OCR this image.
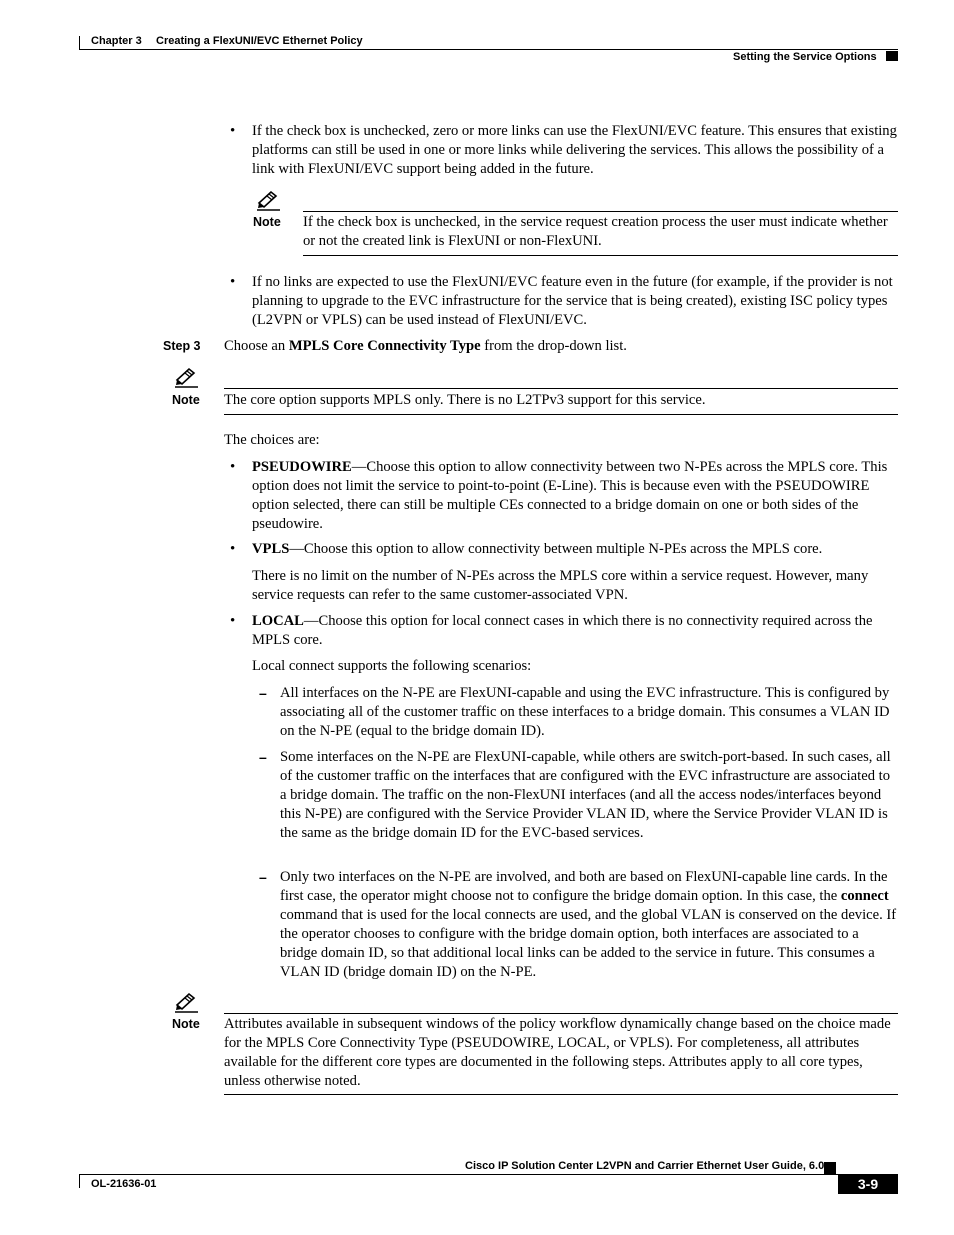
Chapter 3 Creating a FlexUNI/EVC Ethernet Policy
Setting the Service Options
• If the check box is unchecked, zero or more links can use the FlexUNI/EVC feature. This ensures that existing platforms can still be used in one or more links while delivering the services. This allows the possibility of a link with FlexUNI/EVC support being added in the future.

Note If the check box is unchecked, in the service request creation process the user must indicate whether or not the created link is FlexUNI or non-FlexUNI.

• If no links are expected to use the FlexUNI/EVC feature even in the future (for example, if the provider is not planning to upgrade to the EVC infrastructure for the service that is being created), existing ISC policy types (L2VPN or VPLS) can be used instead of FlexUNI/EVC.

Step 3 Choose an MPLS Core Connectivity Type from the drop-down list.

Note The core option supports MPLS only. There is no L2TPv3 support for this service.

The choices are:

• PSEUDOWIRE—Choose this option to allow connectivity between two N-PEs across the MPLS core. This option does not limit the service to point-to-point (E-Line). This is because even with the PSEUDOWIRE option selected, there can still be multiple CEs connected to a bridge domain on one or both sides of the pseudowire.

• VPLS—Choose this option to allow connectivity between multiple N-PEs across the MPLS core.

There is no limit on the number of N-PEs across the MPLS core within a service request. However, many service requests can refer to the same customer-associated VPN.

• LOCAL—Choose this option for local connect cases in which there is no connectivity required across the MPLS core.

Local connect supports the following scenarios:

– All interfaces on the N-PE are FlexUNI-capable and using the EVC infrastructure. This is configured by associating all of the customer traffic on these interfaces to a bridge domain. This consumes a VLAN ID on the N-PE (equal to the bridge domain ID).

– Some interfaces on the N-PE are FlexUNI-capable, while others are switch-port-based. In such cases, all of the customer traffic on the interfaces that are configured with the EVC infrastructure are associated to a bridge domain. The traffic on the non-FlexUNI interfaces (and all the access nodes/interfaces beyond this N-PE) are configured with the Service Provider VLAN ID, where the Service Provider VLAN ID is the same as the bridge domain ID for the EVC-based services.

– Only two interfaces on the N-PE are involved, and both are based on FlexUNI-capable line cards. In the first case, the operator might choose not to configure the bridge domain option. In this case, the connect command that is used for the local connects are used, and the global VLAN is conserved on the device. If the operator chooses to configure with the bridge domain option, both interfaces are associated to a bridge domain ID, so that additional local links can be added to the service in future. This consumes a VLAN ID (bridge domain ID) on the N-PE.

Note Attributes available in subsequent windows of the policy workflow dynamically change based on the choice made for the MPLS Core Connectivity Type (PSEUDOWIRE, LOCAL, or VPLS). For completeness, all attributes available for the different core types are documented in the following steps. Attributes apply to all core types, unless otherwise noted.

Cisco IP Solution Center L2VPN and Carrier Ethernet User Guide, 6.0
OL-21636-01	3-9
